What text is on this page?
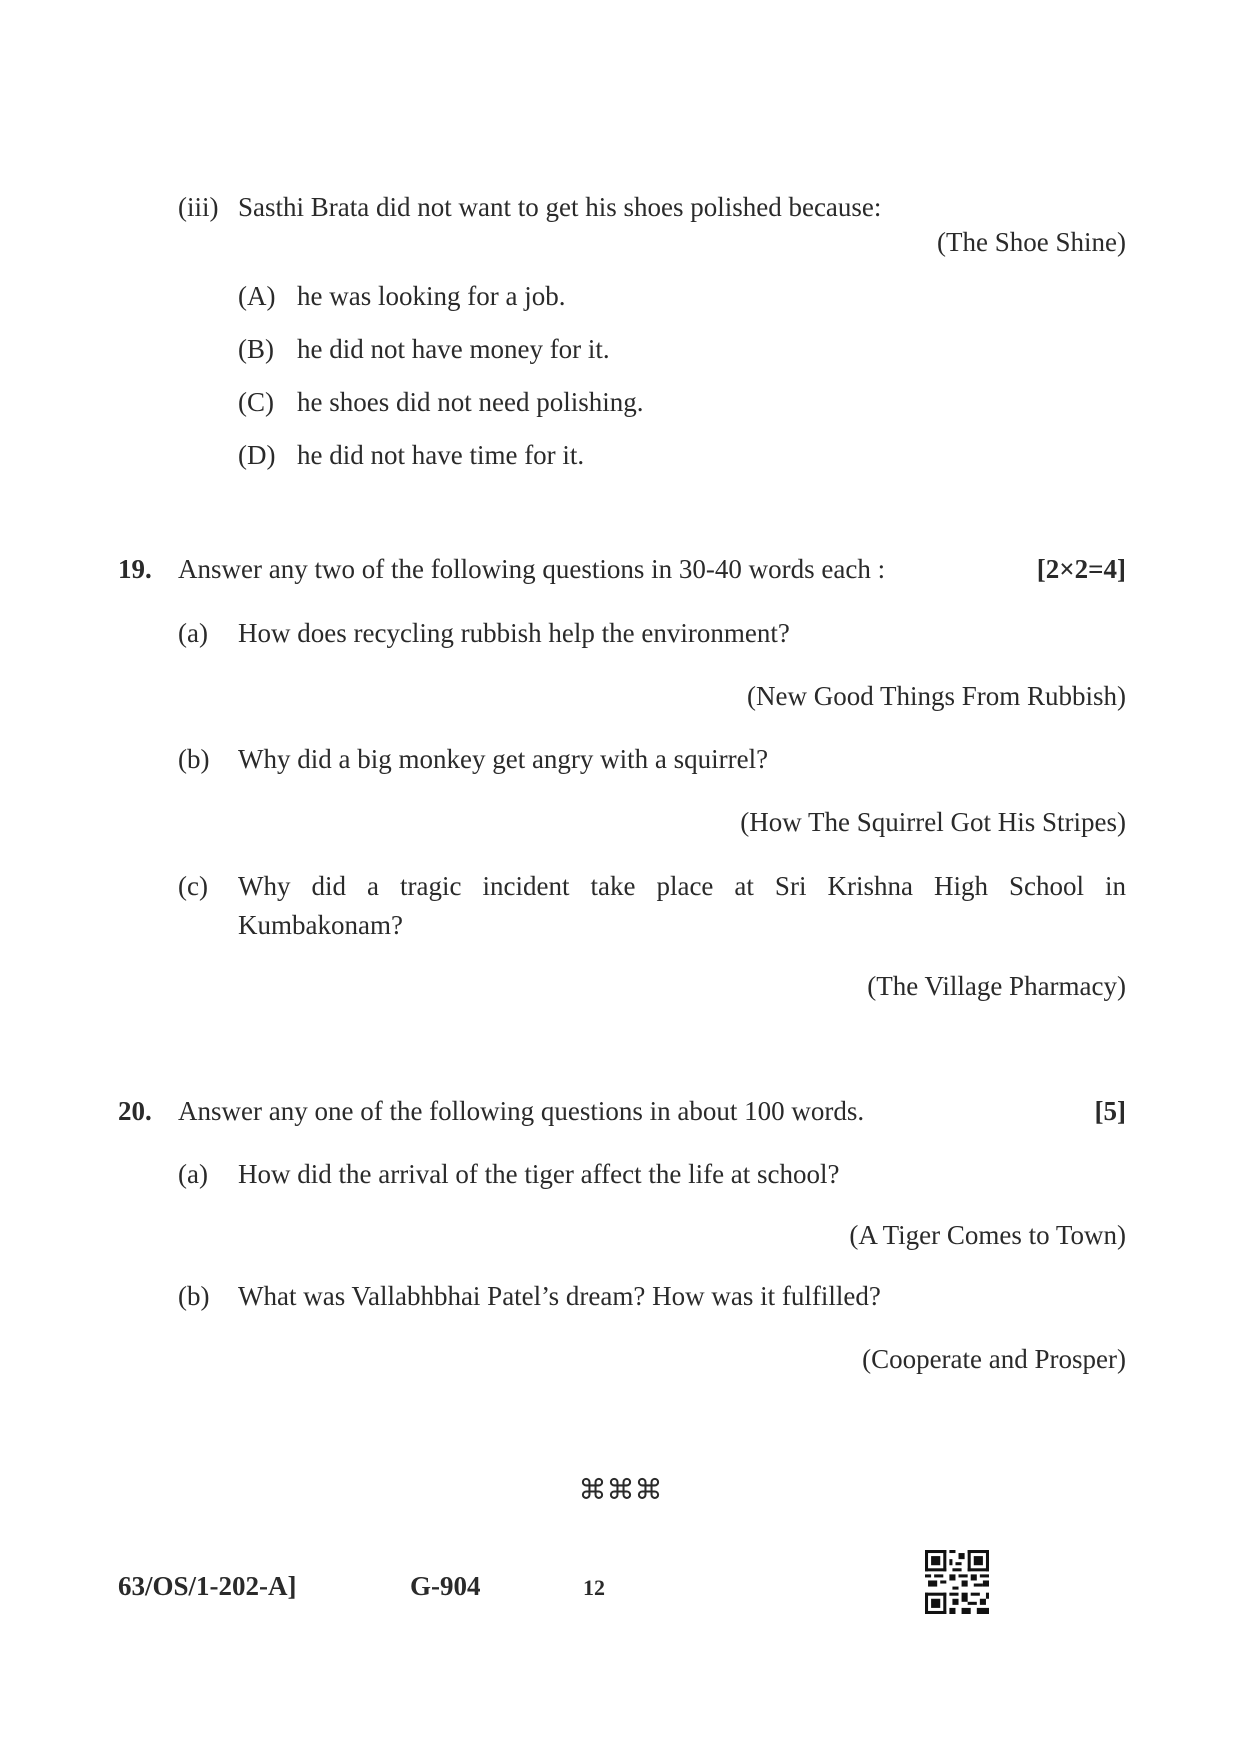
(iii) Sasthi Brata did not want to get his shoes polished because:
(The Shoe Shine)
(A) he was looking for a job.
(B) he did not have money for it.
(C) he shoes did not need polishing.
(D) he did not have time for it.
19. Answer any two of the following questions in 30-40 words each :	[2×2=4]
(a) How does recycling rubbish help the environment?
(New Good Things From Rubbish)
(b) Why did a big monkey get angry with a squirrel?
(How The Squirrel Got His Stripes)
(c) Why did a tragic incident take place at Sri Krishna High School in
Kumbakonam?
(The Village Pharmacy)
20. Answer any one of the following questions in about 100 words.	[5]
(a) How did the arrival of the tiger affect the life at school?
(A Tiger Comes to Town)
(b) What was Vallabhbhai Patel’s dream? How was it fulfilled?
(Cooperate and Prosper)
⌘⌘⌘
63/OS/1-202-A]	G-904	12
